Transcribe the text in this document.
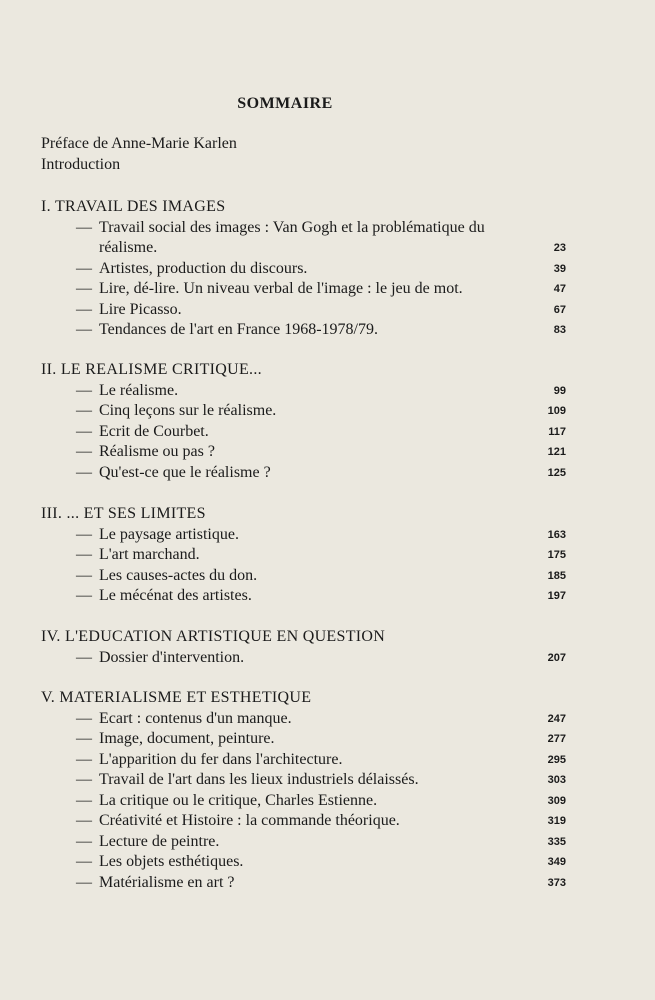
SOMMAIRE
Préface de Anne-Marie Karlen
Introduction
I. TRAVAIL DES IMAGES
— Travail social des images : Van Gogh et la problématique du réalisme.	23
— Artistes, production du discours.	39
— Lire, dé-lire. Un niveau verbal de l'image : le jeu de mot.	47
— Lire Picasso.	67
— Tendances de l'art en France 1968-1978/79.	83
II. LE REALISME CRITIQUE...
— Le réalisme.	99
— Cinq leçons sur le réalisme.	109
— Ecrit de Courbet.	117
— Réalisme ou pas ?	121
— Qu'est-ce que le réalisme ?	125
III. ... ET SES LIMITES
— Le paysage artistique.	163
— L'art marchand.	175
— Les causes-actes du don.	185
— Le mécénat des artistes.	197
IV. L'EDUCATION ARTISTIQUE EN QUESTION
— Dossier d'intervention.	207
V. MATERIALISME ET ESTHETIQUE
— Ecart : contenus d'un manque.	247
— Image, document, peinture.	277
— L'apparition du fer dans l'architecture.	295
— Travail de l'art dans les lieux industriels délaissés.	303
— La critique ou le critique, Charles Estienne.	309
— Créativité et Histoire : la commande théorique.	319
— Lecture de peintre.	335
— Les objets esthétiques.	349
— Matérialisme en art ?	373
